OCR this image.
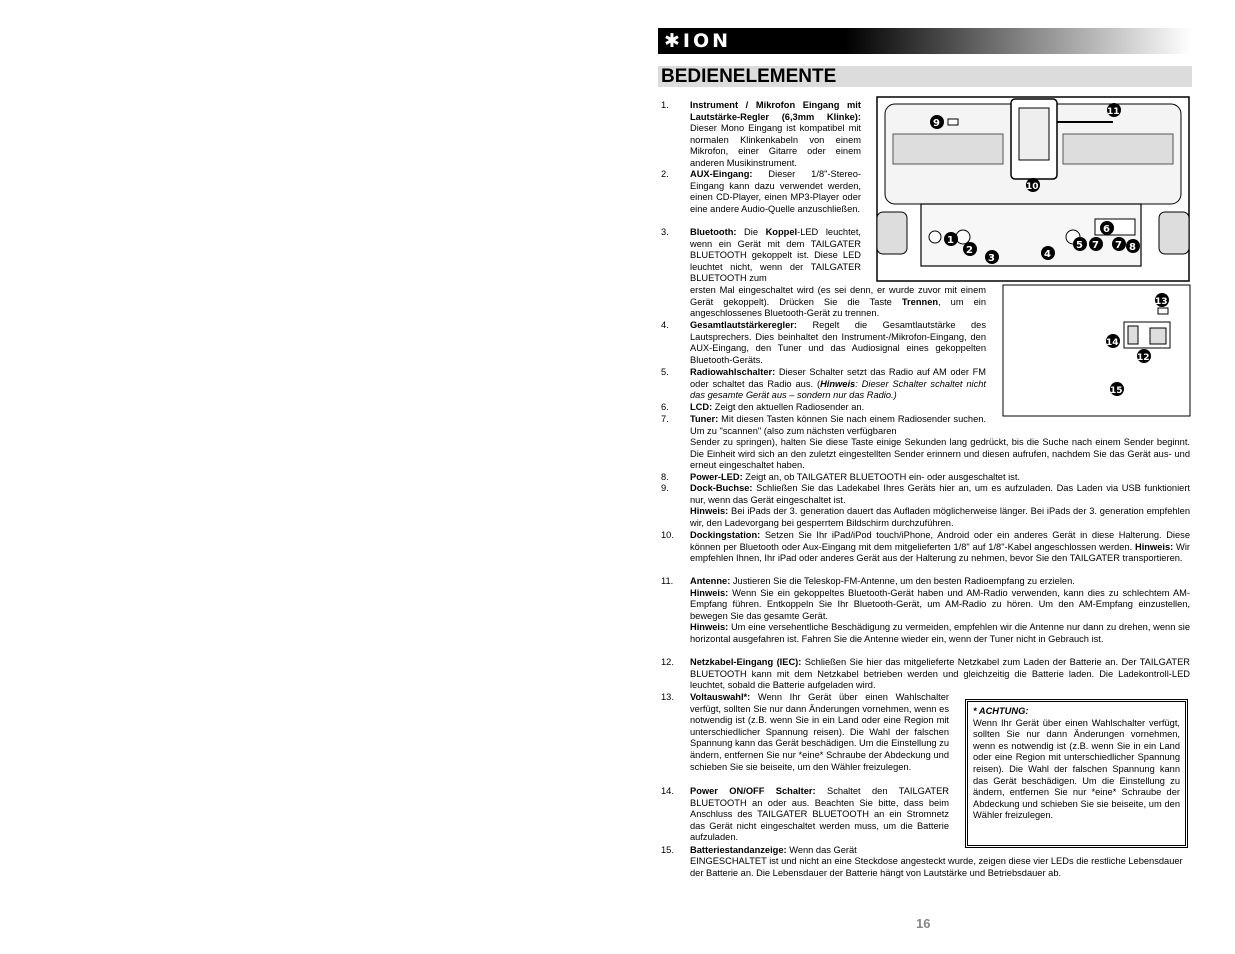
✱ION
BEDIENELEMENTE
9
11
10
1
2
3	4
5
6
7 7 8
13
14
12
15
1. Instrument / Mikrofon Eingang mit Lautstärke-Regler (6,3mm Klinke): Dieser Mono Eingang ist kompatibel mit normalen Klinkenkabeln von einem Mikrofon, einer Gitarre oder einem anderen Musikinstrument.
2. AUX-Eingang: Dieser 1/8"-Stereo-Eingang kann dazu verwendet werden, einen CD-Player, einen MP3-Player oder eine andere Audio-Quelle anzuschließen.
3. Bluetooth: Die Koppel-LED leuchtet, wenn ein Gerät mit dem TAILGATER BLUETOOTH gekoppelt ist. Diese LED leuchtet nicht, wenn der TAILGATER BLUETOOTH zum
ersten Mal eingeschaltet wird (es sei denn, er wurde zuvor mit einem Gerät gekoppelt). Drücken Sie die Taste Trennen, um ein angeschlossenes Bluetooth-Gerät zu trennen.
4. Gesamtlautstärkeregler: Regelt die Gesamtlautstärke des Lautsprechers. Dies beinhaltet den Instrument-/Mikrofon-Eingang, den AUX-Eingang, den Tuner und das Audiosignal eines gekoppelten Bluetooth-Geräts.
5. Radiowahlschalter: Dieser Schalter setzt das Radio auf AM oder FM oder schaltet das Radio aus. (Hinweis: Dieser Schalter schaltet nicht das gesamte Gerät aus – sondern nur das Radio.)
6. LCD: Zeigt den aktuellen Radiosender an.
7. Tuner: Mit diesen Tasten können Sie nach einem Radiosender suchen. Um zu "scannen" (also zum nächsten verfügbaren
Sender zu springen), halten Sie diese Taste einige Sekunden lang gedrückt, bis die Suche nach einem Sender beginnt. Die Einheit wird sich an den zuletzt eingestellten Sender erinnern und diesen aufrufen, nachdem Sie das Gerät aus- und erneut eingeschaltet haben.
8. Power-LED: Zeigt an, ob TAILGATER BLUETOOTH ein- oder ausgeschaltet ist.
9. Dock-Buchse: Schließen Sie das Ladekabel Ihres Geräts hier an, um es aufzuladen. Das Laden via USB funktioniert nur, wenn das Gerät eingeschaltet ist.
Hinweis: Bei iPads der 3. generation dauert das Aufladen möglicherweise länger. Bei iPads der 3. generation empfehlen wir, den Ladevorgang bei gesperrtem Bildschirm durchzuführen.
10. Dockingstation: Setzen Sie Ihr iPad/iPod touch/iPhone, Android oder ein anderes Gerät in diese Halterung. Diese können per Bluetooth oder Aux-Eingang mit dem mitgelieferten 1/8" auf 1/8"-Kabel angeschlossen werden. Hinweis: Wir empfehlen Ihnen, Ihr iPad oder anderes Gerät aus der Halterung zu nehmen, bevor Sie den TAILGATER transportieren.
11. Antenne: Justieren Sie die Teleskop-FM-Antenne, um den besten Radioempfang zu erzielen.
Hinweis: Wenn Sie ein gekoppeltes Bluetooth-Gerät haben und AM-Radio verwenden, kann dies zu schlechtem AM-Empfang führen. Entkoppeln Sie Ihr Bluetooth-Gerät, um AM-Radio zu hören. Um den AM-Empfang einzustellen, bewegen Sie das gesamte Gerät.
Hinweis: Um eine versehentliche Beschädigung zu vermeiden, empfehlen wir die Antenne nur dann zu drehen, wenn sie horizontal ausgefahren ist. Fahren Sie die Antenne wieder ein, wenn der Tuner nicht in Gebrauch ist.
12. Netzkabel-Eingang (IEC): Schließen Sie hier das mitgelieferte Netzkabel zum Laden der Batterie an. Der TAILGATER BLUETOOTH kann mit dem Netzkabel betrieben werden und gleichzeitig die Batterie laden. Die Ladekontroll-LED leuchtet, sobald die Batterie aufgeladen wird.
13. Voltauswahl*: Wenn Ihr Gerät über einen Wahlschalter verfügt, sollten Sie nur dann Änderungen vornehmen, wenn es notwendig ist (z.B. wenn Sie in ein Land oder eine Region mit unterschiedlicher Spannung reisen). Die Wahl der falschen Spannung kann das Gerät beschädigen. Um die Einstellung zu ändern, entfernen Sie nur *eine* Schraube der Abdeckung und schieben Sie sie beiseite, um den Wähler freizulegen.
14. Power ON/OFF Schalter: Schaltet den TAILGATER BLUETOOTH an oder aus. Beachten Sie bitte, dass beim Anschluss des TAILGATER BLUETOOTH an ein Stromnetz das Gerät nicht eingeschaltet werden muss, um die Batterie aufzuladen.
15. Batteriestandanzeige: Wenn das Gerät
EINGESCHALTET ist und nicht an eine Steckdose angesteckt wurde, zeigen diese vier LEDs die restliche Lebensdauer der Batterie an. Die Lebensdauer der Batterie hängt von Lautstärke und Betriebsdauer ab.
* ACHTUNG:
Wenn Ihr Gerät über einen Wahlschalter verfügt, sollten Sie nur dann Änderungen vornehmen, wenn es notwendig ist (z.B. wenn Sie in ein Land oder eine Region mit unterschiedlicher Spannung reisen). Die Wahl der falschen Spannung kann das Gerät beschädigen. Um die Einstellung zu ändern, entfernen Sie nur *eine* Schraube der Abdeckung und schieben Sie sie beiseite, um den Wähler freizulegen.
16
